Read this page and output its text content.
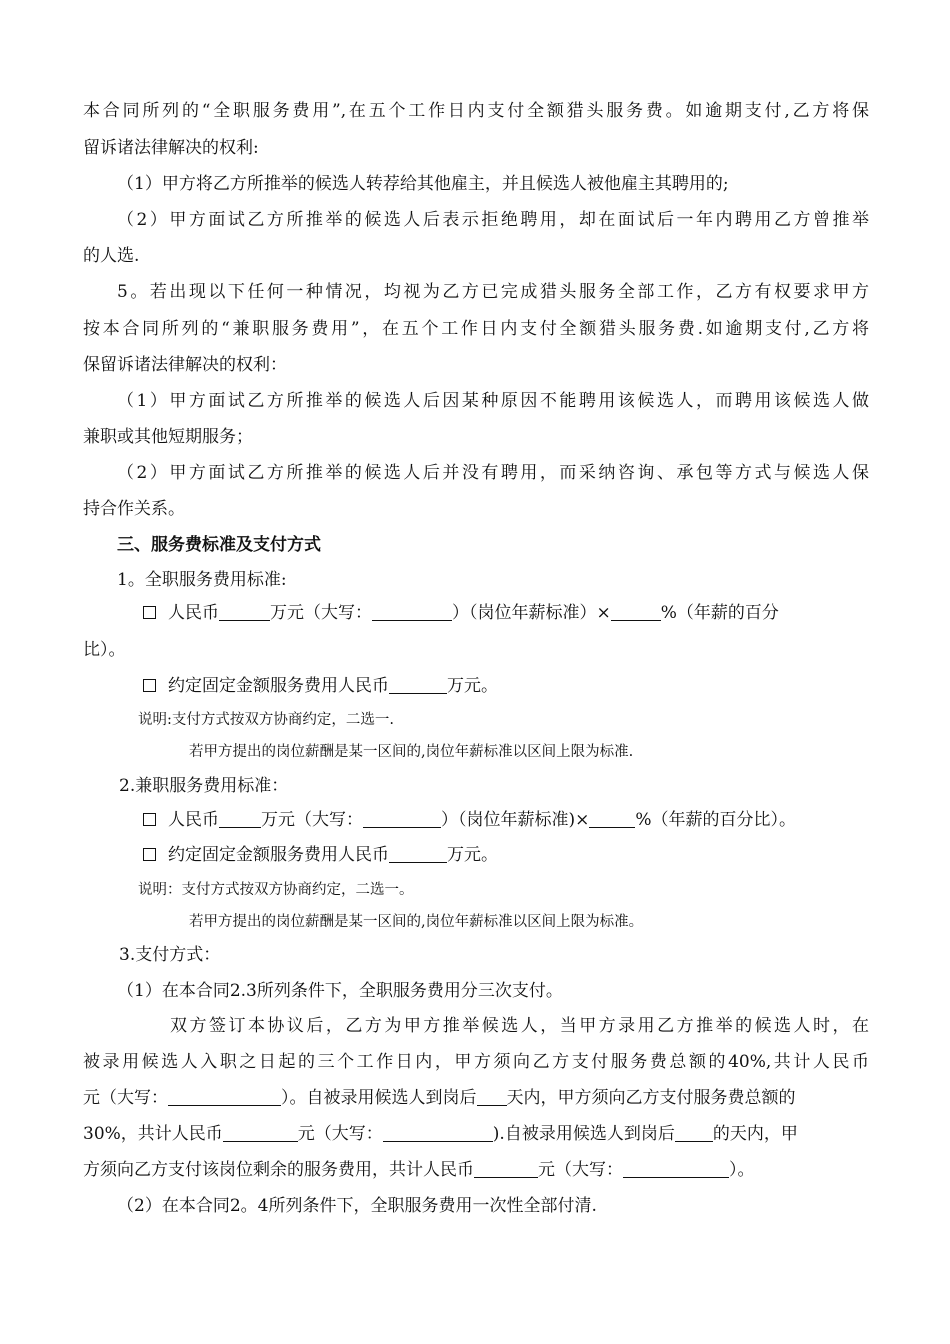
本合同所列的“全职服务费用”,在五个工作日内支付全额猎头服务费。如逾期支付,乙方将保
留诉诸法律解决的权利:
（1）甲方将乙方所推举的候选人转荐给其他雇主，并且候选人被他雇主其聘用的;
（2）甲方面试乙方所推举的候选人后表示拒绝聘用，却在面试后一年内聘用乙方曾推举
的人选.
5。若出现以下任何一种情况，均视为乙方已完成猎头服务全部工作，乙方有权要求甲方
按本合同所列的“兼职服务费用”，在五个工作日内支付全额猎头服务费.如逾期支付,乙方将
保留诉诸法律解决的权利：
（1）甲方面试乙方所推举的候选人后因某种原因不能聘用该候选人，而聘用该候选人做
兼职或其他短期服务；
（2）甲方面试乙方所推举的候选人后并没有聘用，而采纳咨询、承包等方式与候选人保
持合作关系。
三、服务费标准及支付方式
1。全职服务费用标准:
人民币	万元（大写：	）（岗位年薪标准）×	%（年薪的百分
比）。
约定固定金额服务费用人民币	万元。
说明:支付方式按双方协商约定，二选一.
若甲方提出的岗位薪酬是某一区间的,岗位年薪标准以区间上限为标准.
2.兼职服务费用标准：
人民币 万元（大写：	）（岗位年薪标准)×	%（年薪的百分比）。
约定固定金额服务费用人民币	万元。
说明：支付方式按双方协商约定，二选一。
若甲方提出的岗位薪酬是某一区间的,岗位年薪标准以区间上限为标准。
3.支付方式：
（1）在本合同2.3所列条件下，全职服务费用分三次支付。
双方签订本协议后，乙方为甲方推举候选人，当甲方录用乙方推举的候选人时，在
被录用候选人入职之日起的三个工作日内，甲方须向乙方支付服务费总额的40%,共计人民币
元（大写：	）。自被录用候选人到岗后 天内，甲方须向乙方支付服务费总额的
30%，共计人民币	元（大写：	).自被录用候选人到岗后 的天内，甲
方须向乙方支付该岗位剩余的服务费用，共计人民币	元（大写：	）。
（2）在本合同2。4所列条件下，全职服务费用一次性全部付清.
